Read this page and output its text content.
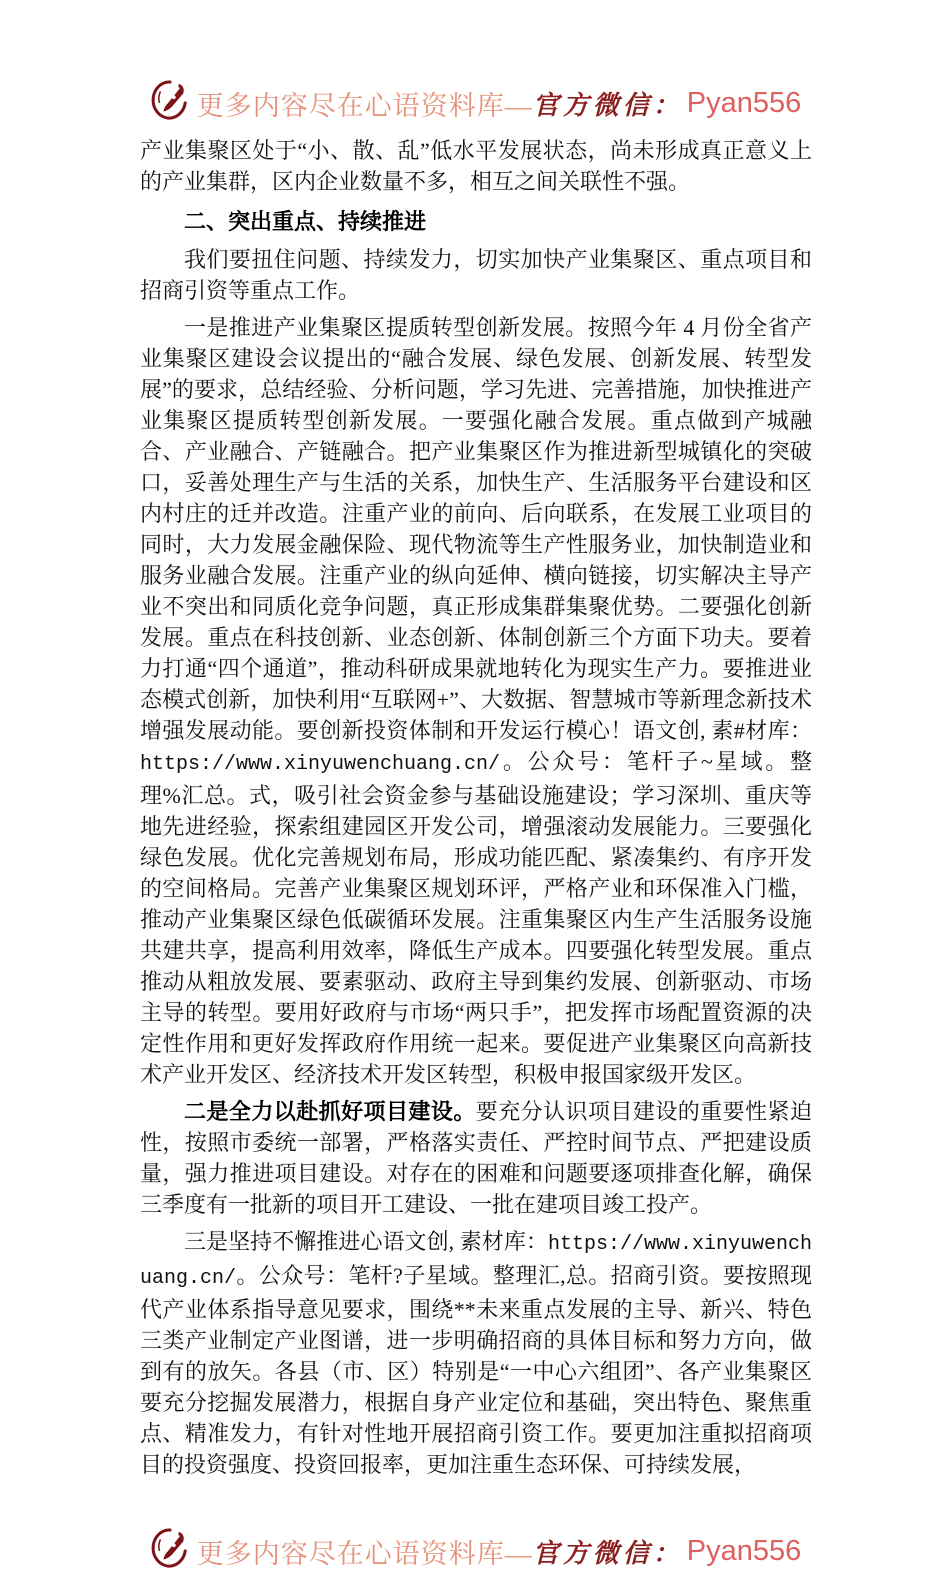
更多内容尽在心语资料库— 官方微信： Pyan556

产业集聚区处于“小、散、乱”低水平发展状态，尚未形成真正意义上的产业集群，区内企业数量不多，相互之间关联性不强。

二、突出重点、持续推进

我们要扭住问题、持续发力，切实加快产业集聚区、重点项目和招商引资等重点工作。

一是推进产业集聚区提质转型创新发展。按照今年 4 月份全省产业集聚区建设会议提出的“融合发展、绿色发展、创新发展、转型发展”的要求，总结经验、分析问题，学习先进、完善措施，加快推进产业集聚区提质转型创新发展。一要强化融合发展。重点做到产城融合、产业融合、产链融合。把产业集聚区作为推进新型城镇化的突破口，妥善处理生产与生活的关系，加快生产、生活服务平台建设和区内村庄的迁并改造。注重产业的前向、后向联系，在发展工业项目的同时，大力发展金融保险、现代物流等生产性服务业，加快制造业和服务业融合发展。注重产业的纵向延伸、横向链接，切实解决主导产业不突出和同质化竞争问题，真正形成集群集聚优势。二要强化创新发展。重点在科技创新、业态创新、体制创新三个方面下功夫。要着力打通“四个通道”，推动科研成果就地转化为现实生产力。要推进业态模式创新，加快利用“互联网+”、大数据、智慧城市等新理念新技术增强发展动能。要创新投资体制和开发运行模心！语文创, 素#材库：https://www.xinyuwenchuang.cn/。公众号：笔杆子~星域。整理%汇总。式，吸引社会资金参与基础设施建设；学习深圳、重庆等地先进经验，探索组建园区开发公司，增强滚动发展能力。三要强化绿色发展。优化完善规划布局，形成功能匹配、紧凑集约、有序开发的空间格局。完善产业集聚区规划环评，严格产业和环保准入门槛，推动产业集聚区绿色低碳循环发展。注重集聚区内生产生活服务设施共建共享，提高利用效率，降低生产成本。四要强化转型发展。重点推动从粗放发展、要素驱动、政府主导到集约发展、创新驱动、市场主导的转型。要用好政府与市场“两只手”，把发挥市场配置资源的决定性作用和更好发挥政府作用统一起来。要促进产业集聚区向高新技术产业开发区、经济技术开发区转型，积极申报国家级开发区。

二是全力以赴抓好项目建设。要充分认识项目建设的重要性紧迫性，按照市委统一部署，严格落实责任、严控时间节点、严把建设质量，强力推进项目建设。对存在的困难和问题要逐项排查化解，确保三季度有一批新的项目开工建设、一批在建项目竣工投产。

三是坚持不懈推进心语文创, 素材库：https://www.xinyuwenchuang.cn/。公众号：笔杆?子星域。整理汇,总。招商引资。要按照现代产业体系指导意见要求，围绕**未来重点发展的主导、新兴、特色三类产业制定产业图谱，进一步明确招商的具体目标和努力方向，做到有的放矢。各县（市、区）特别是“一中心六组团”、各产业集聚区要充分挖掘发展潜力，根据自身产业定位和基础，突出特色、聚焦重点、精准发力，有针对性地开展招商引资工作。要更加注重拟招商项目的投资强度、投资回报率，更加注重生态环保、可持续发展，

更多内容尽在心语资料库— 官方微信： Pyan556
